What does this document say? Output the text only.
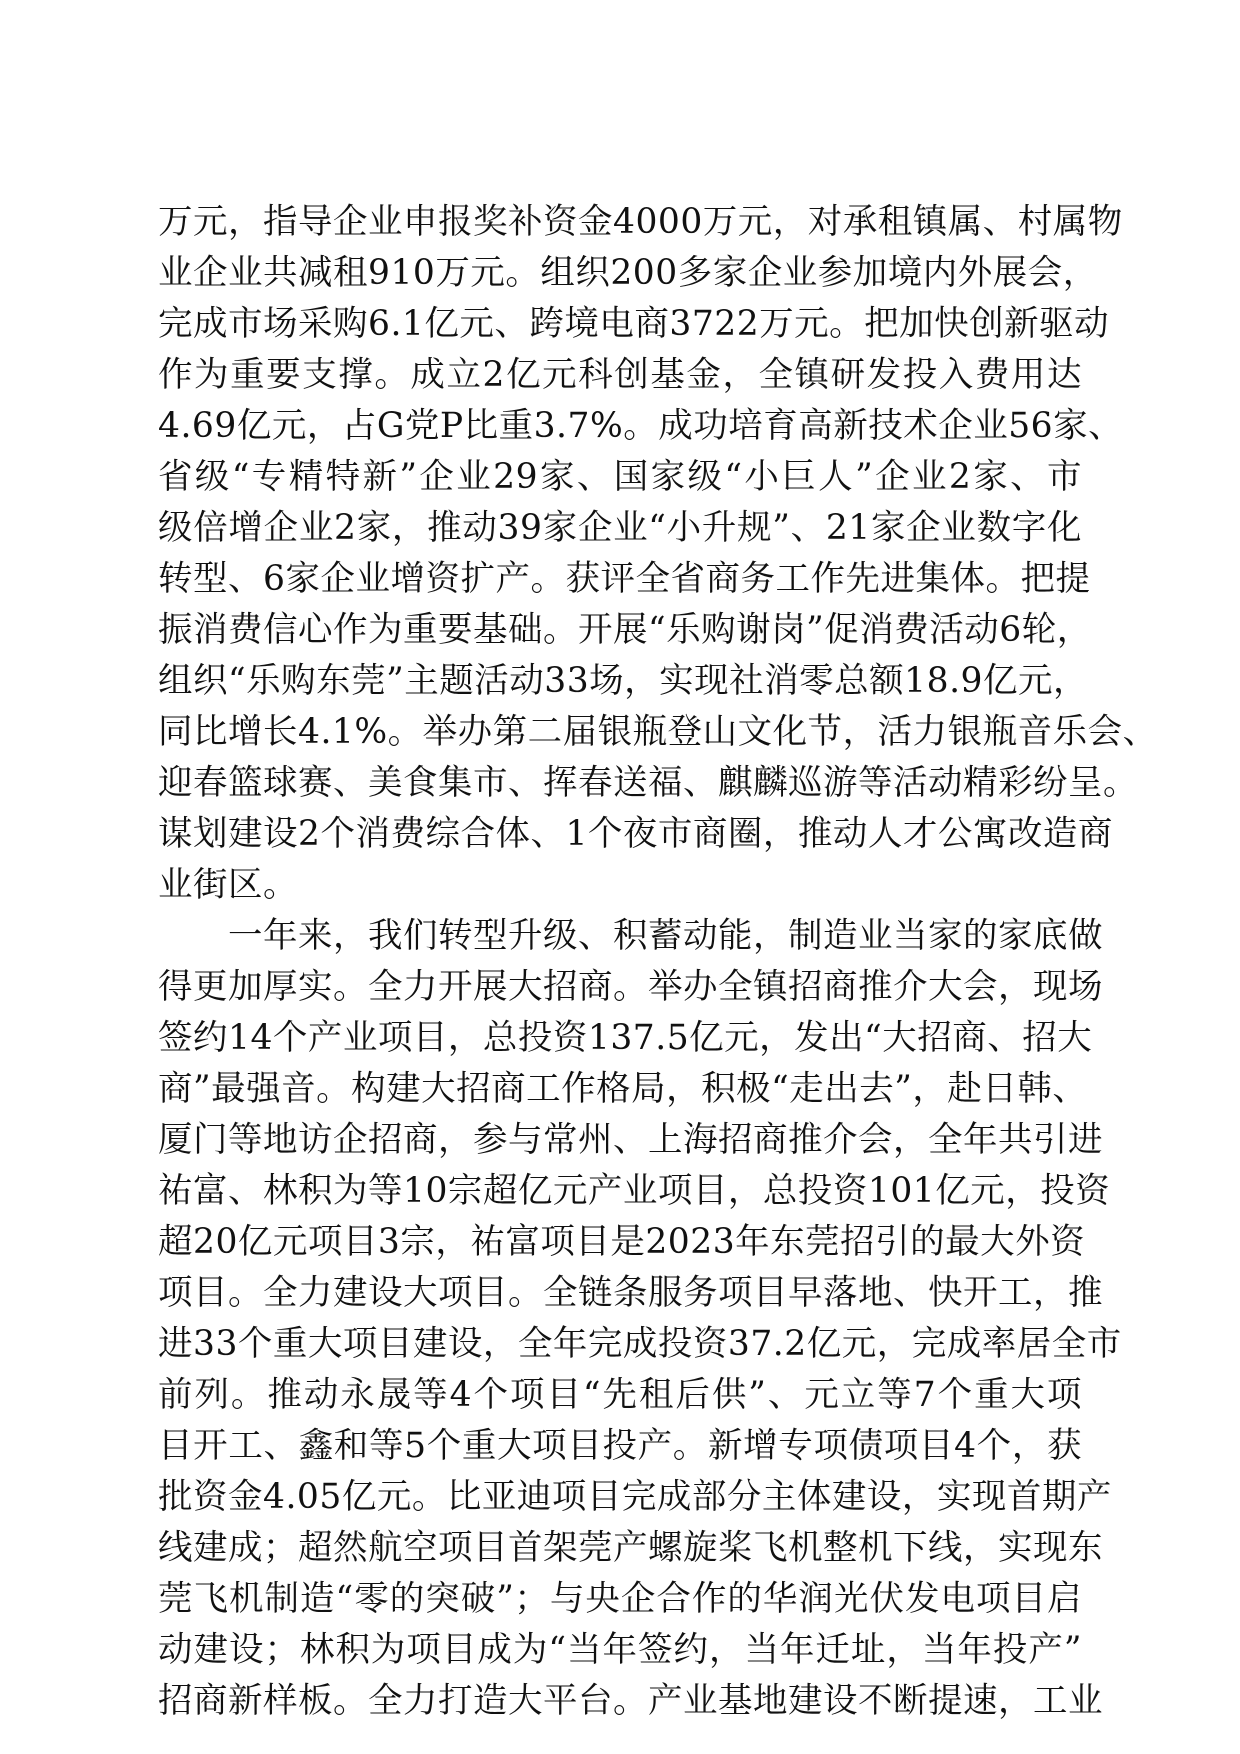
万元，指导企业申报奖补资金4000万元，对承租镇属、村属物
业企业共减租910万元。组织200多家企业参加境内外展会，
完成市场采购6.1亿元、跨境电商3722万元。把加快创新驱动
作为重要支撑。成立2亿元科创基金，全镇研发投入费用达
4.69亿元，占G党P比重3.7%。成功培育高新技术企业56家、
省级“专精特新”企业29家、国家级“小巨人”企业2家、市
级倍增企业2家，推动39家企业“小升规”、21家企业数字化
转型、6家企业增资扩产。获评全省商务工作先进集体。把提
振消费信心作为重要基础。开展“乐购谢岗”促消费活动6轮，
组织“乐购东莞”主题活动33场，实现社消零总额18.9亿元，
同比增长4.1%。举办第二届银瓶登山文化节，活力银瓶音乐会、
迎春篮球赛、美食集市、挥春送福、麒麟巡游等活动精彩纷呈。
谋划建设2个消费综合体、1个夜市商圈，推动人才公寓改造商
业街区。
　　一年来，我们转型升级、积蓄动能，制造业当家的家底做
得更加厚实。全力开展大招商。举办全镇招商推介大会，现场
签约14个产业项目，总投资137.5亿元，发出“大招商、招大
商”最强音。构建大招商工作格局，积极“走出去”，赴日韩、
厦门等地访企招商，参与常州、上海招商推介会，全年共引进
祐富、林积为等10宗超亿元产业项目，总投资101亿元，投资
超20亿元项目3宗，祐富项目是2023年东莞招引的最大外资
项目。全力建设大项目。全链条服务项目早落地、快开工，推
进33个重大项目建设，全年完成投资37.2亿元，完成率居全市
前列。推动永晟等4个项目“先租后供”、元立等7个重大项
目开工、鑫和等5个重大项目投产。新增专项债项目4个，获
批资金4.05亿元。比亚迪项目完成部分主体建设，实现首期产
线建成；超然航空项目首架莞产螺旋桨飞机整机下线，实现东
莞飞机制造“零的突破”；与央企合作的华润光伏发电项目启
动建设；林积为项目成为“当年签约，当年迁址，当年投产”
招商新样板。全力打造大平台。产业基地建设不断提速，工业
